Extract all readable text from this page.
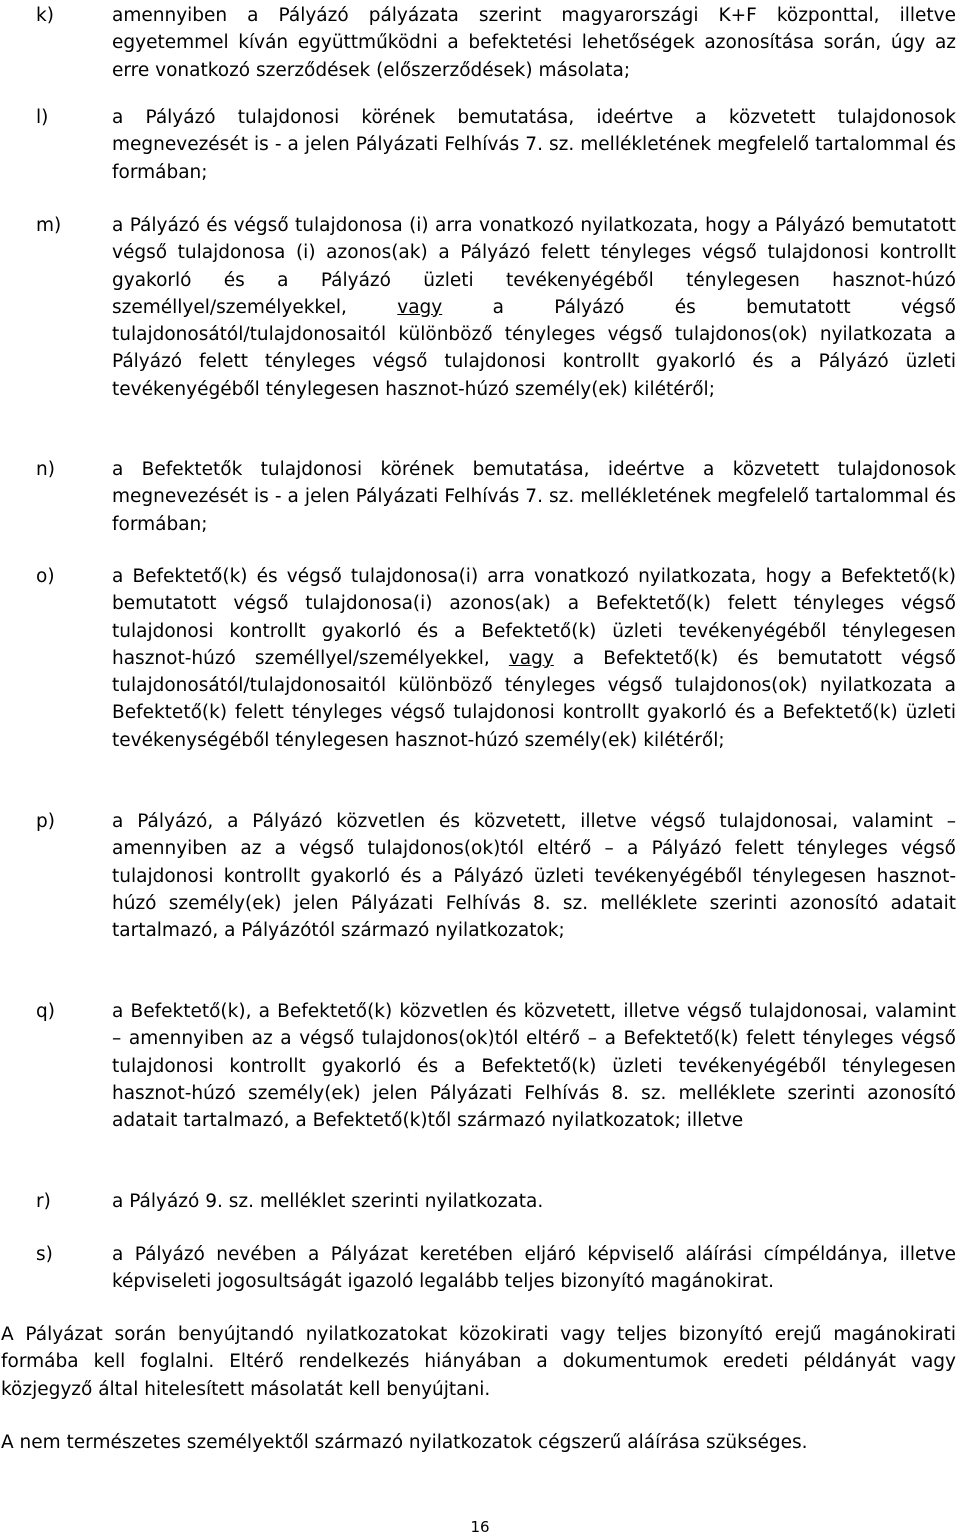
k)	amennyiben a Pályázó pályázata szerint magyarországi K+F központtal, illetve egyetemmel kíván együttműködni a befektetési lehetőségek azonosítása során, úgy az erre vonatkozó szerződések (előszerződések) másolata;
l)	a Pályázó tulajdonosi körének bemutatása, ideértve a közvetett tulajdonosok megnevezését is - a jelen Pályázati Felhívás 7. sz. mellékletének megfelelő tartalommal és formában;
m)	a Pályázó és végső tulajdonosa (i) arra vonatkozó nyilatkozata, hogy a Pályázó bemutatott végső tulajdonosa (i) azonos(ak) a Pályázó felett tényleges végső tulajdonosi kontrollt gyakorló és a Pályázó üzleti tevékenyégéből ténylegesen hasznot-húzó személlyel/személyekkel, vagy a Pályázó és bemutatott végső tulajdonosától/tulajdonosaitól különböző tényleges végső tulajdonos(ok) nyilatkozata a Pályázó felett tényleges végső tulajdonosi kontrollt gyakorló és a Pályázó üzleti tevékenyégéből ténylegesen hasznot-húzó személy(ek) kilétéről;
n)	a Befektetők tulajdonosi körének bemutatása, ideértve a közvetett tulajdonosok megnevezését is - a jelen Pályázati Felhívás 7. sz. mellékletének megfelelő tartalommal és formában;
o)	a Befektető(k) és végső tulajdonosa(i) arra vonatkozó nyilatkozata, hogy a Befektető(k) bemutatott végső tulajdonosa(i) azonos(ak) a Befektető(k) felett tényleges végső tulajdonosi kontrollt gyakorló és a Befektető(k) üzleti tevékenyégéből ténylegesen hasznot-húzó személlyel/személyekkel, vagy a Befektető(k) és bemutatott végső tulajdonosától/tulajdonosaitól különböző tényleges végső tulajdonos(ok) nyilatkozata a Befektető(k) felett tényleges végső tulajdonosi kontrollt gyakorló és a Befektető(k) üzleti tevékenységéből ténylegesen hasznot-húzó személy(ek) kilétéről;
p)	a Pályázó, a Pályázó közvetlen és közvetett, illetve végső tulajdonosai, valamint – amennyiben az a végső tulajdonos(ok)tól eltérő – a Pályázó felett tényleges végső tulajdonosi kontrollt gyakorló és a Pályázó üzleti tevékenyégéből ténylegesen hasznot-húzó személy(ek) jelen Pályázati Felhívás 8. sz. melléklete szerinti azonosító adatait tartalmazó, a Pályázótól származó nyilatkozatok;
q)	a Befektető(k), a Befektető(k) közvetlen és közvetett, illetve végső tulajdonosai, valamint – amennyiben az a végső tulajdonos(ok)tól eltérő – a Befektető(k) felett tényleges végső tulajdonosi kontrollt gyakorló és a Befektető(k) üzleti tevékenyégéből ténylegesen hasznot-húzó személy(ek) jelen Pályázati Felhívás 8. sz. melléklete szerinti azonosító adatait tartalmazó, a Befektető(k)től származó nyilatkozatok; illetve
r)	a Pályázó 9. sz. melléklet szerinti nyilatkozata.
s)	a Pályázó nevében a Pályázat keretében eljáró képviselő aláírási címpéldánya, illetve képviseleti jogosultságát igazoló legalább teljes bizonyító magánokirat.

A Pályázat során benyújtandó nyilatkozatokat közokirati vagy teljes bizonyító erejű magánokirati formába kell foglalni. Eltérő rendelkezés hiányában a dokumentumok eredeti példányát vagy közjegyző által hitelesített másolatát kell benyújtani.

A nem természetes személyektől származó nyilatkozatok cégszerű aláírása szükséges.

16
